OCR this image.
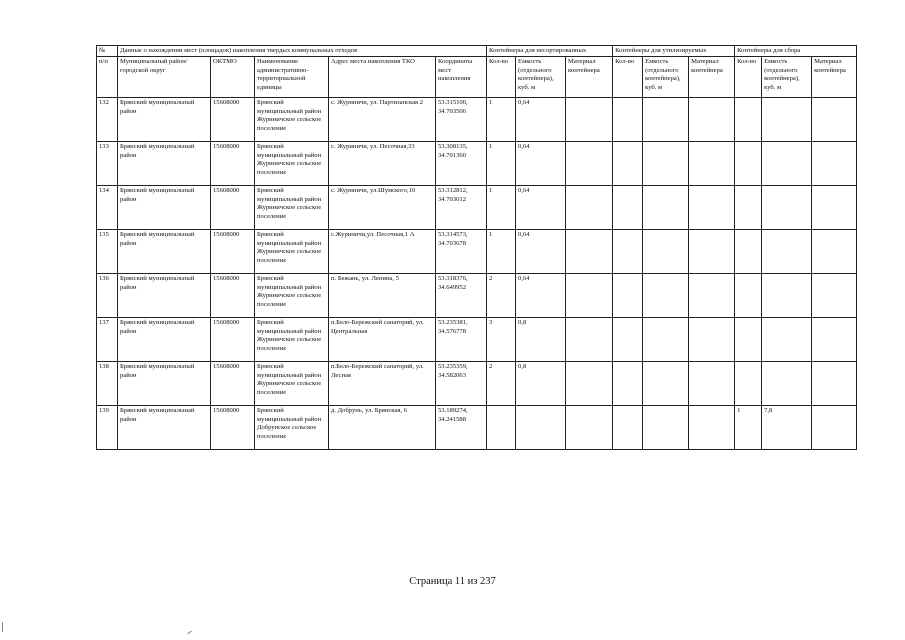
№	Данные о нахождении мест (площадок) накопления твердых коммунальных отходов					Контейнеры для несортированных			Контейнеры для утилизируемых			Контейнеры для сбора		
п/п	Муниципальный район/городской округ	ОКТМО	Наименование административно-территориальной единицы	Адрес места накопления ТКО	Координаты мест накопления	Кол-во	Емкость (отдельного контейнера), куб. м	Материал контейнера	Кол-во	Емкость (отдельного контейнера), куб. м	Материал контейнера	Кол-во	Емкость (отдельного контейнера), куб. м	Материал контейнера
132	Брянский муниципальный район	15608000	Брянский муниципальный район Журиничское сельское поселение	с. Журиничи, ул. Партизанская 2	53.315100, 34.703506	1	0,64							
133	Брянский муниципальный район	15608000	Брянский муниципальный район Журиничское сельское поселение	с. Журиничи, ул. Песочная,33	53.308135, 34.701360	1	0,64							
134	Брянский муниципальный район	15608000	Брянский муниципальный район Журиничское сельское поселение	с. Журиничи, ул.Шумского,10	53.312812, 34.703012	1	0,64							
135	Брянский муниципальный район	15608000	Брянский муниципальный район Журиничское сельское поселение	с.Журиничи,ул. Песочная,1 А	53.314573, 34.703678	1	0,64							
136	Брянский муниципальный район	15608000	Брянский муниципальный район Журиничское сельское поселение	п. Бежань, ул. Ленина, 5	53.318376, 34.649952	2	0,64							
137	Брянский муниципальный район	15608000	Брянский муниципальный район Журиничское сельское поселение	п.Бело-Бережский санаторий, ул. Центральная	53.235381, 34.576778	3	0,8							
138	Брянский муниципальный район	15608000	Брянский муниципальный район Журиничское сельское поселение	п.Бело-Бережский санаторий, ул. Лесная	53.235359, 34.582063	2	0,8							
139	Брянский муниципальный район	15608000	Брянский муниципальный район Добрунское сельское поселение	д. Добрунь, ул. Брянская, 6	53.189274, 34.241588							1	7,8	
Страница 11 из 237
